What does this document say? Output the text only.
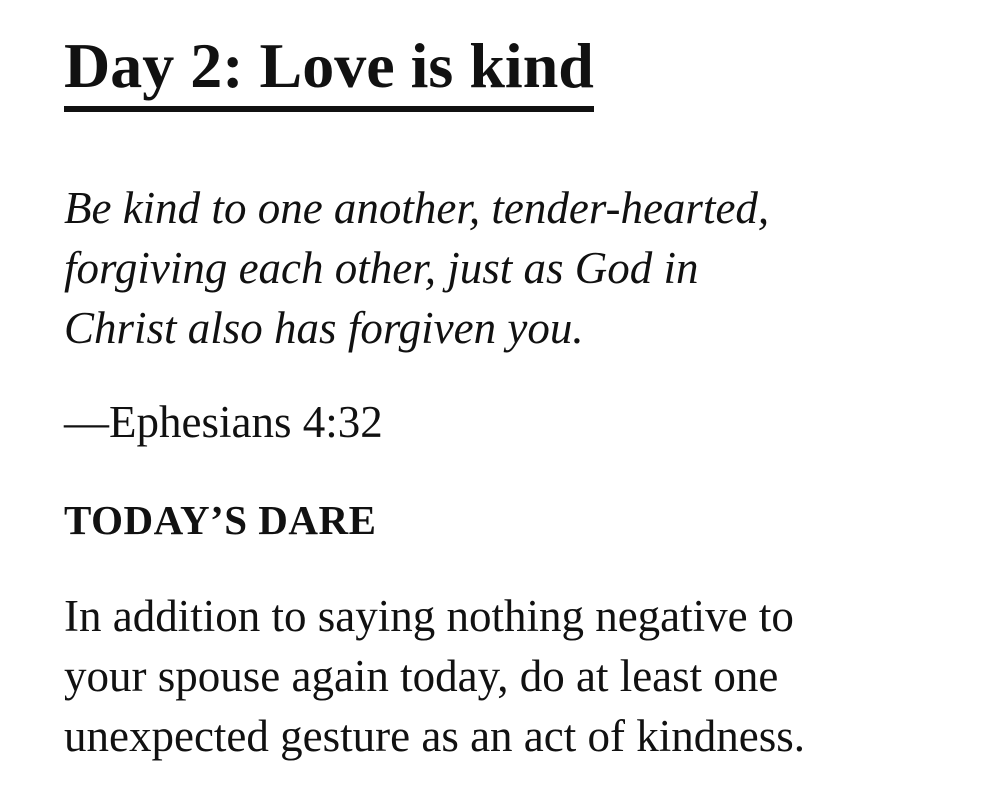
Day 2: Love is kind

Be kind to one another, tender-hearted,
forgiving each other, just as God in
Christ also has forgiven you.

—Ephesians 4:32

TODAY’S DARE

In addition to saying nothing negative to
your spouse again today, do at least one
unexpected gesture as an act of kindness.
